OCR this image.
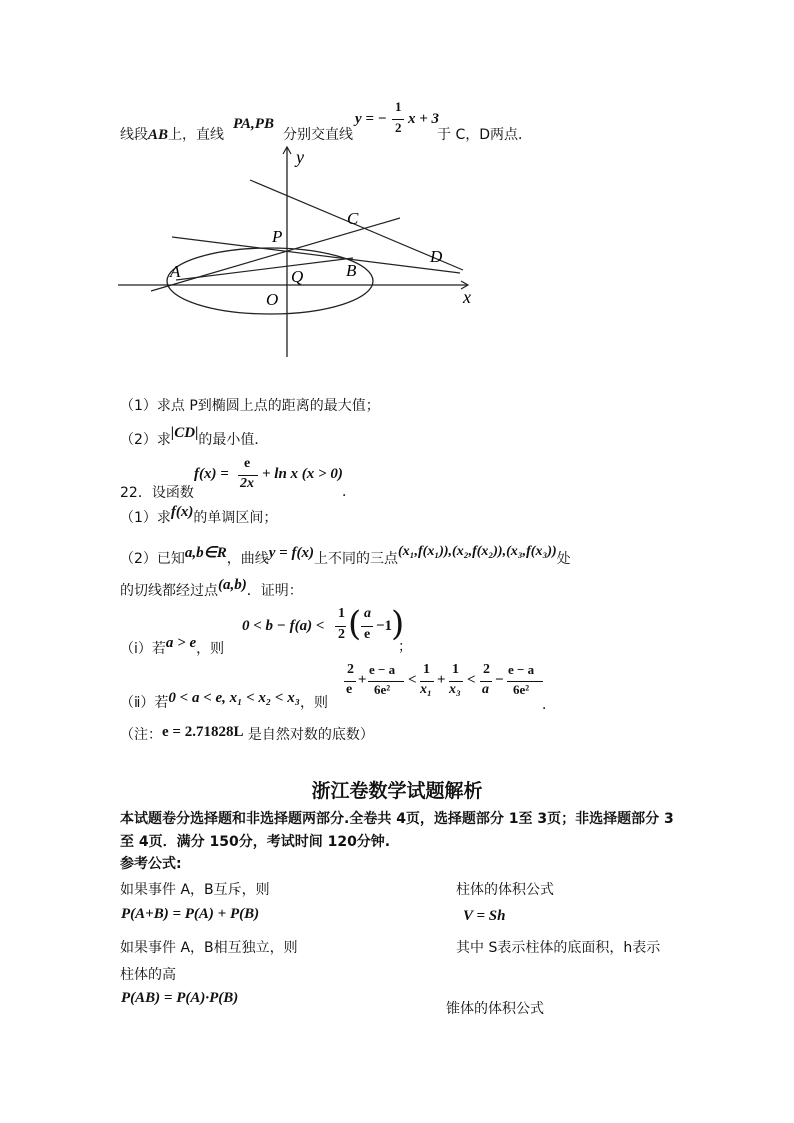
线段AB上，直线
PA,PB
分别交直线
y = −
1
2
x + 3
于 C，D两点．
y
x
O
A	B
C
D
P
Q
（1）求点 P到椭圆上点的距离的最大值；
（2）求|CD|的最小值．
22．设函数
f(x) =
e
2x
+ ln x (x > 0)
．
（1）求f(x)的单调区间；
（2）已知a,b∈R，曲线y = f(x)上不同的三点(x₁,f(x₁)),(x₂,f(x₂)),(x₃,f(x₃))处
的切线都经过点(a,b)．证明：
（ⅰ）若a > e，则
0 < b − f(a) <
1
2 ( a
e
−1
)
；
（ⅱ）若0 < a < e, x₁ < x₂ < x₃，则
2
e
+
e − a
6e²
<
1
x₁
+
1
x₃
<
2
a
−
e − a
6e²
．
（注：e = 2.71828L 是自然对数的底数）
浙江卷数学试题解析
本试题卷分选择题和非选择题两部分.全卷共 4页，选择题部分 1至 3页；非选择题部分 3
至 4页．满分 150分，考试时间 120分钟.
参考公式:
如果事件 A，B互斥，则
P(A+B) = P(A) + P(B)
如果事件 A，B相互独立，则
柱体的高
P(AB) = P(A)·P(B)
柱体的体积公式
V = Sh
其中 S表示柱体的底面积，h表示
锥体的体积公式
